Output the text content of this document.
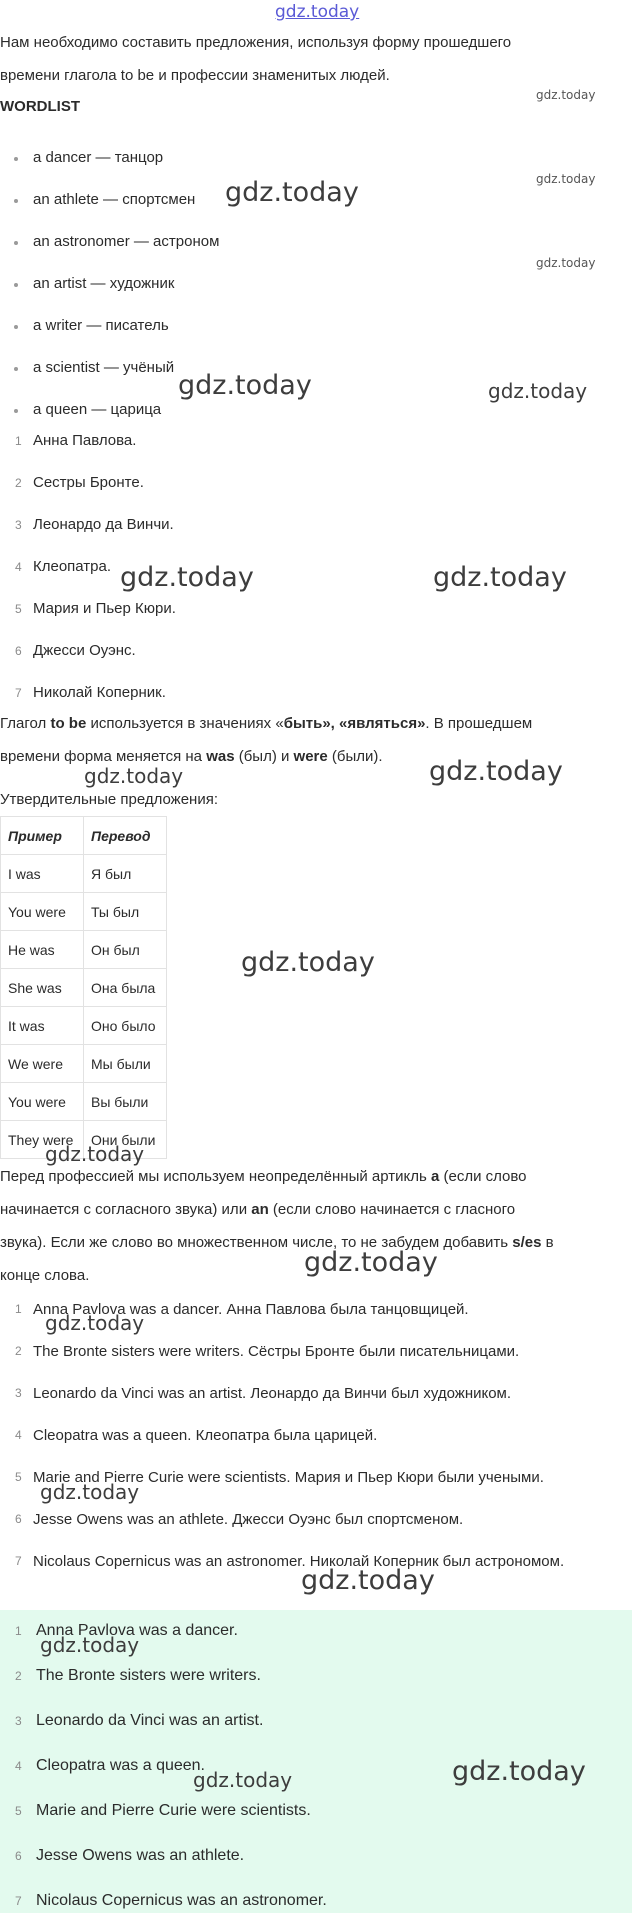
gdz.today
Нам необходимо составить предложения, используя форму прошедшего
времени глагола to be и профессии знаменитых людей.
WORDLIST
a dancer — танцор
an athlete — спортсмен
an astronomer — астроном
an artist — художник
a writer — писатель
a scientist — учёный
a queen — царица
1 Анна Павлова.
2 Сестры Бронте.
3 Леонардо да Винчи.
4 Клеопатра.
5 Мария и Пьер Кюри.
6 Джесси Оуэнс.
7 Николай Коперник.
Глагол to be используется в значениях «быть», «являться». В прошедшем
времени форма меняется на was (был) и were (были).
Утвердительные предложения:
Пример	Перевод
I was	Я был
You were	Ты был
He was	Он был
She was	Она была
It was	Оно было
We were	Мы были
You were	Вы были
They were	Они были
Перед профессией мы используем неопределённый артикль a (если слово
начинается с согласного звука) или an (если слово начинается с гласного
звука). Если же слово во множественном числе, то не забудем добавить s/es в
конце слова.
1 Anna Pavlova was a dancer. Анна Павлова была танцовщицей.
2 The Bronte sisters were writers. Сёстры Бронте были писательницами.
3 Leonardo da Vinci was an artist. Леонардо да Винчи был художником.
4 Cleopatra was a queen. Клеопатра была царицей.
5 Marie and Pierre Curie were scientists. Мария и Пьер Кюри были учеными.
6 Jesse Owens was an athlete. Джесси Оуэнс был спортсменом.
7 Nicolaus Copernicus was an astronomer. Николай Коперник был астрономом.
1 Anna Pavlova was a dancer.
2 The Bronte sisters were writers.
3 Leonardo da Vinci was an artist.
4 Cleopatra was a queen.
5 Marie and Pierre Curie were scientists.
6 Jesse Owens was an athlete.
7 Nicolaus Copernicus was an astronomer.
gdz.today
gdz.today
gdz.today
gdz.today
gdz.today	gdz.today
gdz.today	gdz.today
gdz.today	gdz.today
gdz.today
gdz.today
gdz.today
gdz.today
gdz.today
gdz.today
gdz.today
gdz.today	gdz.today
